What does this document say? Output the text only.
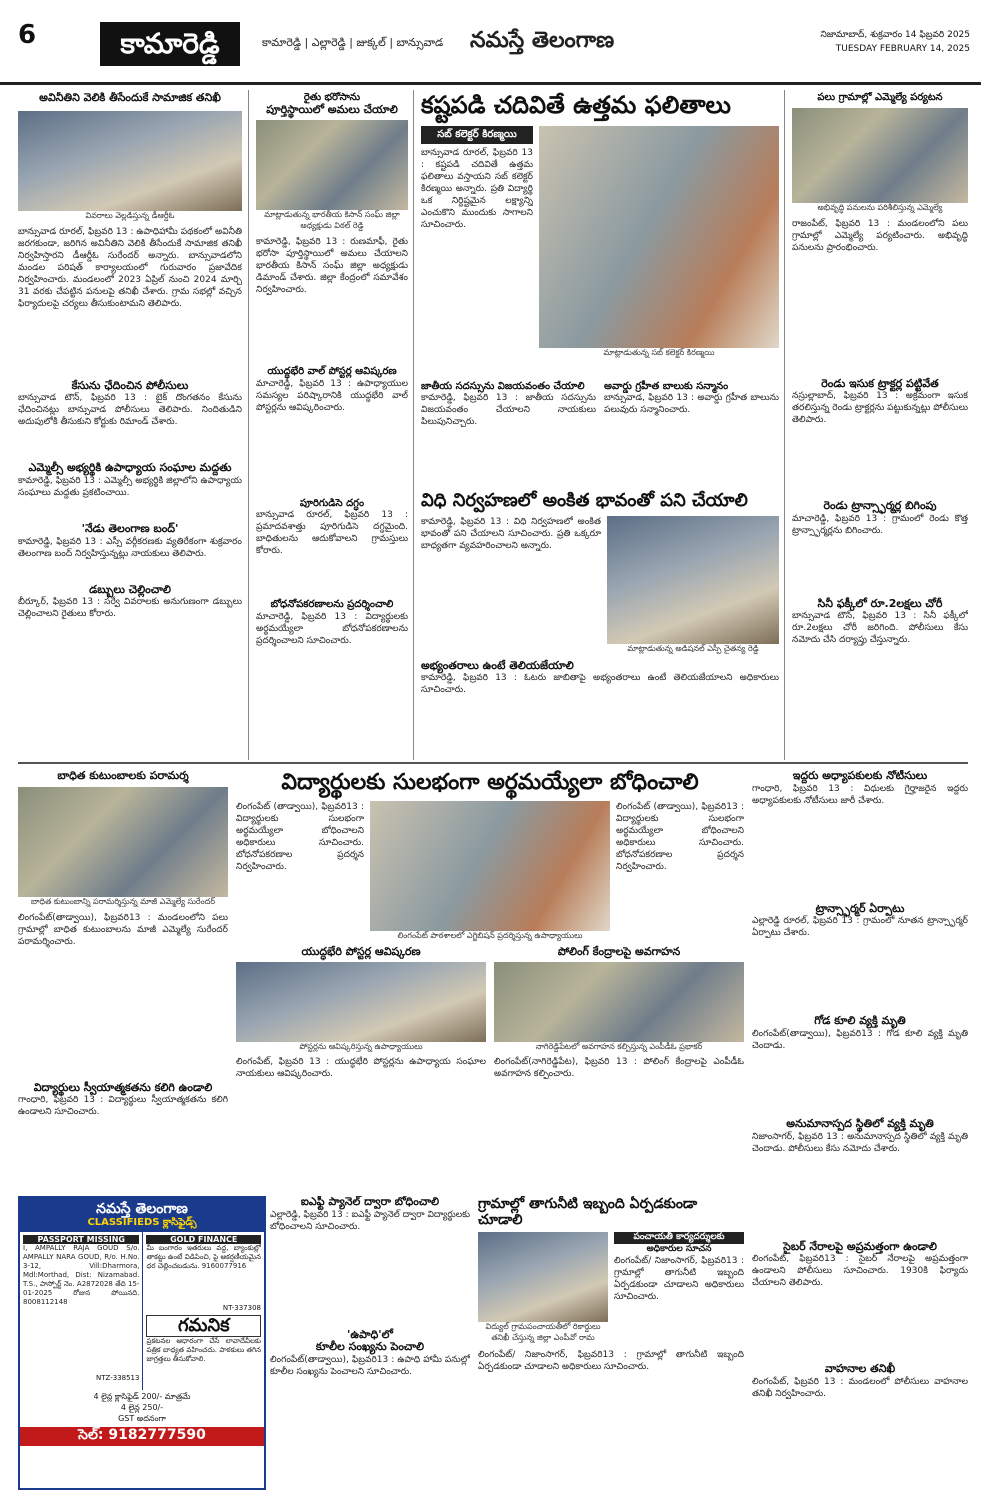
6	కామారెడ్డి	కామారెడ్డి | ఎల్లారెడ్డి | జుక్కల్ | బాన్సువాడ నమస్తే తెలంగాణ	నిజామాబాద్, శుక్రవారం 14 ఫిబ్రవరి 2025
TUESDAY FEBRUARY 14, 2025
అవినీతిని వెలికి తీసేందుకే సామాజిక తనిఖీ
వివరాలు వెల్లడిస్తున్న డీఆర్డీఓ
బాన్సువాడ రూరల్, ఫిబ్రవరి 13 : ఉపాధిహామీ పథకంలో అవినీతి జరగకుండా, జరిగిన అవినీతిని వెలికి తీసేందుకే సామాజిక తనిఖీ నిర్వహిస్తారని డీఆర్డీఓ సురేందర్ అన్నారు. బాన్సువాడలోని మండల పరిషత్ కార్యాలయంలో గురువారం ప్రజావేదిక నిర్వహించారు. మండలంలో 2023 ఏప్రిల్ నుంచి 2024 మార్చి 31 వరకు చేపట్టిన పనులపై తనిఖీ చేశారు. గ్రామ సభల్లో వచ్చిన ఫిర్యాదులపై చర్యలు తీసుకుంటామని తెలిపారు.
కేసును ఛేదించిన పోలీసులు
బాన్సువాడ టౌన్, ఫిబ్రవరి 13 : బైక్ దొంగతనం కేసును ఛేదించినట్లు బాన్సువాడ పోలీసులు తెలిపారు. నిందితుడిని అదుపులోకి తీసుకుని కోర్టుకు రిమాండ్ చేశారు.
ఎమ్మెల్సీ అభ్యర్థికి ఉపాధ్యాయ సంఘాల మద్దతు
కామారెడ్డి, ఫిబ్రవరి 13 : ఎమ్మెల్సీ అభ్యర్థికి జిల్లాలోని ఉపాధ్యాయ సంఘాలు మద్దతు ప్రకటించాయి.
'నేడు తెలంగాణ బంద్'
కామారెడ్డి, ఫిబ్రవరి 13 : ఎస్సీ వర్గీకరణకు వ్యతిరేకంగా శుక్రవారం తెలంగాణ బంద్ నిర్వహిస్తున్నట్లు నాయకులు తెలిపారు.
డబ్బులు చెల్లించాలి
బీర్కూర్, ఫిబ్రవరి 13 : సర్వే వివరాలకు అనుగుణంగా డబ్బులు చెల్లించాలని రైతులు కోరారు.
రైతు భరోసాను
పూర్తిస్థాయిలో అమలు చేయాలి
మాట్లాడుతున్న భారతీయ కిసాన్ సంఘ్ జిల్లా అధ్యక్షుడు విఠల్ రెడ్డి
కామారెడ్డి, ఫిబ్రవరి 13 : రుణమాఫీ, రైతు భరోసా పూర్తిస్థాయిలో అమలు చేయాలని భారతీయ కిసాన్ సంఘ్ జిల్లా అధ్యక్షుడు డిమాండ్ చేశారు. జిల్లా కేంద్రంలో సమావేశం నిర్వహించారు.
యుద్ధభేరి వాల్ పోస్టర్ల ఆవిష్కరణ
మాచారెడ్డి, ఫిబ్రవరి 13 : ఉపాధ్యాయుల సమస్యల పరిష్కారానికి యుద్ధభేరి వాల్ పోస్టర్లను ఆవిష్కరించారు.
పూరిగుడిసె దగ్ధం
బాన్సువాడ రూరల్, ఫిబ్రవరి 13 : ప్రమాదవశాత్తు పూరిగుడిసె దగ్ధమైంది. బాధితులను ఆదుకోవాలని గ్రామస్తులు కోరారు.
బోధనోపకరణాలను ప్రదర్శించాలి
మాచారెడ్డి, ఫిబ్రవరి 13 : విద్యార్థులకు అర్థమయ్యేలా బోధనోపకరణాలను ప్రదర్శించాలని సూచించారు.
కష్టపడి చదివితే ఉత్తమ ఫలితాలు
సబ్ కలెక్టర్ కిరణ్మయి
బాన్సువాడ రూరల్, ఫిబ్రవరి 13 : కష్టపడి చదివితే ఉత్తమ ఫలితాలు వస్తాయని సబ్ కలెక్టర్ కిరణ్మయి అన్నారు. ప్రతి విద్యార్థి ఒక నిర్దిష్టమైన లక్ష్యాన్ని ఎంచుకొని ముందుకు సాగాలని సూచించారు.
మాట్లాడుతున్న సబ్ కలెక్టర్ కిరణ్మయి
జాతీయ సదస్సును విజయవంతం చేయాలి
కామారెడ్డి, ఫిబ్రవరి 13 : జాతీయ సదస్సును విజయవంతం చేయాలని నాయకులు పిలుపునిచ్చారు.
అవార్డు గ్రహీత బాలుకు సన్మానం
బాన్సువాడ, ఫిబ్రవరి 13 : అవార్డు గ్రహీత బాలును పలువురు సన్మానించారు.
విధి నిర్వహణలో అంకిత భావంతో పని చేయాలి
కామారెడ్డి, ఫిబ్రవరి 13 : విధి నిర్వహణలో అంకిత భావంతో పని చేయాలని సూచించారు. ప్రతి ఒక్కరూ బాధ్యతగా వ్యవహరించాలని అన్నారు.
మాట్లాడుతున్న అడిషనల్ ఎస్పీ చైతన్య రెడ్డి
అభ్యంతరాలు ఉంటే తెలియజేయాలి
కామారెడ్డి, ఫిబ్రవరి 13 : ఓటరు జాబితాపై అభ్యంతరాలు ఉంటే తెలియజేయాలని అధికారులు సూచించారు.
పలు గ్రామాల్లో ఎమ్మెల్యే పర్యటన
అభివృద్ధి పనులను పరిశీలిస్తున్న ఎమ్మెల్యే
రాజంపేట్, ఫిబ్రవరి 13 : మండలంలోని పలు గ్రామాల్లో ఎమ్మెల్యే పర్యటించారు. అభివృద్ధి పనులను ప్రారంభించారు.
రెండు ఇసుక ట్రాక్టర్ల పట్టివేత
నస్రుల్లాబాద్, ఫిబ్రవరి 13 : అక్రమంగా ఇసుక తరలిస్తున్న రెండు ట్రాక్టర్లను పట్టుకున్నట్లు పోలీసులు తెలిపారు.
రెండు ట్రాన్స్ఫార్మర్ల బిగింపు
మాచారెడ్డి, ఫిబ్రవరి 13 : గ్రామంలో రెండు కొత్త ట్రాన్స్ఫార్మర్లను బిగించారు.
సినీ ఫక్కీలో రూ.2లక్షలు చోరీ
బాన్సువాడ టౌన్, ఫిబ్రవరి 13 : సినీ ఫక్కీలో రూ.2లక్షలు చోరీ జరిగింది. పోలీసులు కేసు నమోదు చేసి దర్యాప్తు చేస్తున్నారు.
బాధిత కుటుంబాలకు పరామర్శ
బాధిత కుటుంబాన్ని పరామర్శిస్తున్న మాజీ ఎమ్మెల్యే సురేందర్
లింగంపేట్(తాడ్వాయి), ఫిబ్రవరి13 : మండలంలోని పలు గ్రామాల్లో బాధిత కుటుంబాలను మాజీ ఎమ్మెల్యే సురేందర్ పరామర్శించారు.
విద్యార్థులు స్వీయాత్మకతను కలిగి ఉండాలి
గాంధారి, ఫిబ్రవరి 13 : విద్యార్థులు స్వీయాత్మకతను కలిగి ఉండాలని సూచించారు.
విద్యార్థులకు సులభంగా అర్థమయ్యేలా బోధించాలి
లింగంపేట్ (తాడ్వాయి), ఫిబ్రవరి13 : విద్యార్థులకు సులభంగా అర్థమయ్యేలా బోధించాలని అధికారులు సూచించారు. బోధనోపకరణాల ప్రదర్శన నిర్వహించారు.
లింగంపేట్ పాఠశాలలో ఎగ్జిబిషన్ ప్రదర్శిస్తున్న ఉపాధ్యాయులు
లింగంపేట్ (తాడ్వాయి), ఫిబ్రవరి13 : విద్యార్థులకు సులభంగా అర్థమయ్యేలా బోధించాలని అధికారులు సూచించారు. బోధనోపకరణాల ప్రదర్శన నిర్వహించారు.
యుద్ధభేరి పోస్టర్ల ఆవిష్కరణ
పోస్టర్లను ఆవిష్కరిస్తున్న ఉపాధ్యాయులు
లింగంపేట్, ఫిబ్రవరి 13 : యుద్ధభేరి పోస్టర్లను ఉపాధ్యాయ సంఘాల నాయకులు ఆవిష్కరించారు.
పోలింగ్ కేంద్రాలపై అవగాహన
నాగిరెడ్డిపేటలో అవగాహన కల్పిస్తున్న ఎంపీడీఓ ప్రభాకర్
లింగంపేట్(నాగిరెడ్డిపేట), ఫిబ్రవరి 13 : పోలింగ్ కేంద్రాలపై ఎంపీడీఓ అవగాహన కల్పించారు.
ఇద్దరు అధ్యాపకులకు నోటీసులు
గాంధారి, ఫిబ్రవరి 13 : విధులకు గైర్హాజరైన ఇద్దరు అధ్యాపకులకు నోటీసులు జారీ చేశారు.
ట్రాన్స్ఫార్మర్ ఏర్పాటు
ఎల్లారెడ్డి రూరల్, ఫిబ్రవరి 13 : గ్రామంలో నూతన ట్రాన్స్ఫార్మర్ ఏర్పాటు చేశారు.
గోడ కూలి వ్యక్తి మృతి
లింగంపేట్(తాడ్వాయి), ఫిబ్రవరి13 : గోడ కూలి వ్యక్తి మృతి చెందాడు.
అనుమానాస్పద స్థితిలో వ్యక్తి మృతి
నిజాంసాగర్, ఫిబ్రవరి 13 : అనుమానాస్పద స్థితిలో వ్యక్తి మృతి చెందాడు. పోలీసులు కేసు నమోదు చేశారు.
సైబర్ నేరాలపై అప్రమత్తంగా ఉండాలి
లింగంపేట్, ఫిబ్రవరి13 : సైబర్ నేరాలపై అప్రమత్తంగా ఉండాలని పోలీసులు సూచించారు. 1930కి ఫిర్యాదు చేయాలని తెలిపారు.
వాహనాల తనిఖీ
లింగంపేట్, ఫిబ్రవరి 13 : మండలంలో పోలీసులు వాహనాల తనిఖీ నిర్వహించారు.
నమస్తే తెలంగాణ
CLASSIFIEDS క్లాసిఫైడ్స్
PASSPORT MISSING
I, AMPALLY RAJA GOUD S/o. AMPALLY NARA GOUD, R/o. H.No. 3-12, Vill:Dharmora, Mdl:Morthad, Dist: Nizamabad. T.S., పాస్పోర్ట్ నెం. A2872028 తేది 15-01-2025 రోజున పోయినది. 8008112148
NTZ-338513
GOLD FINANCE
మీ బంగారం ఇతరులు వద్ద, బ్యాంకుల్లో తాకట్టు ఉంటే విడిపించి, పై ఆకర్షణీయమైన ధర చెల్లించబడును. 9160077916
NT-337308
గమనిక
ప్రకటనల ఆధారంగా చేసే లావాదేవీలకు పత్రిక బాధ్యత వహించదు. పాఠకులు తగిన జాగ్రత్తలు తీసుకోవాలి.
4 లైన్ల క్లాసిఫైడ్ 200/- మాత్రమే
4 లైన్ల 250/-
GST అదనంగా
సెల్: 9182777590
ఐఎఫ్టీ ప్యానెల్ ద్వారా బోధించాలి
ఎల్లారెడ్డి, ఫిబ్రవరి 13 : ఐఎఫ్టీ ప్యానెల్ ద్వారా విద్యార్థులకు బోధించాలని సూచించారు.
'ఉపాధి'లో
కూలీల సంఖ్యను పెంచాలి
లింగంపేట్(తాడ్వాయి), ఫిబ్రవరి13 : ఉపాధి హామీ పనుల్లో కూలీల సంఖ్యను పెంచాలని సూచించారు.
గ్రామాల్లో తాగునీటి ఇబ్బంది ఏర్పడకుండా చూడాలి
విద్యుల్ గ్రామపంచాయతీలో రికార్డులు తనిఖీ చేస్తున్న జిల్లా ఎంపీవో రామ
పంచాయతీ కార్యదర్శులకు
అధికారుల సూచన
లింగంపేట్/ నిజాంసాగర్, ఫిబ్రవరి13 : గ్రామాల్లో తాగునీటి ఇబ్బంది ఏర్పడకుండా చూడాలని అధికారులు సూచించారు.
లింగంపేట్/ నిజాంసాగర్, ఫిబ్రవరి13 : గ్రామాల్లో తాగునీటి ఇబ్బంది ఏర్పడకుండా చూడాలని అధికారులు సూచించారు.
